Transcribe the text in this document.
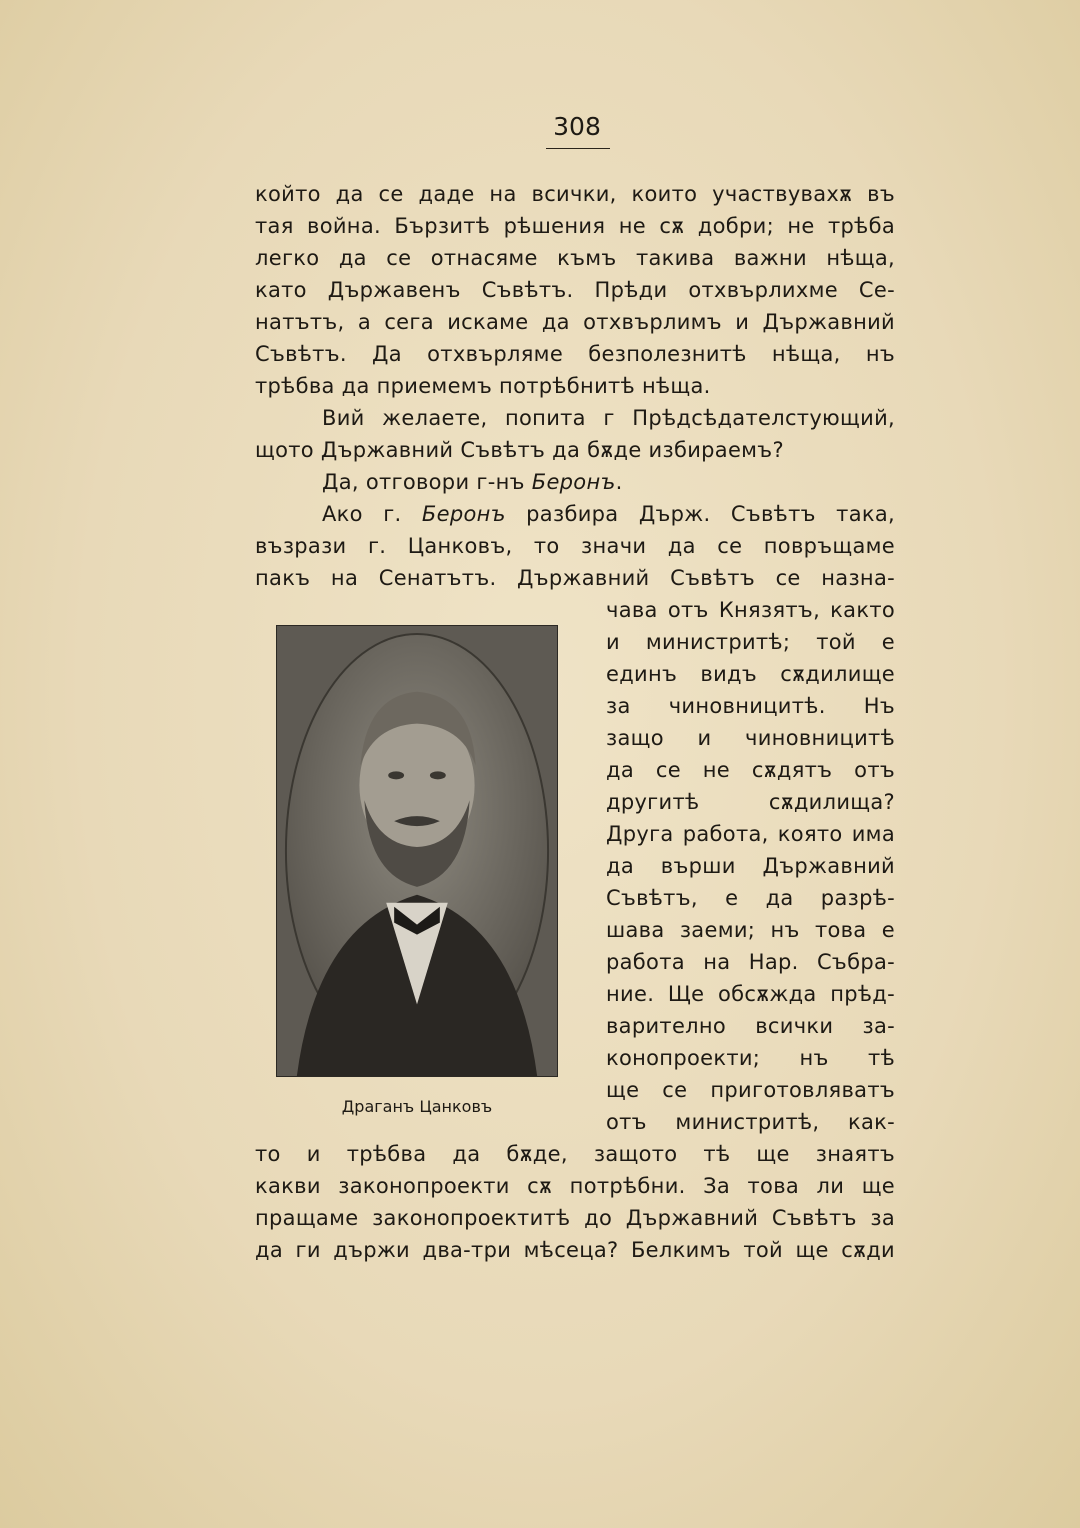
308
който да се даде на всички, които участвувахѫ въ
тая война. Бързитѣ рѣшения не сѫ добри; не трѣба
легко да се отнасяме къмъ такива важни нѣща,
като Държавенъ Съвѣтъ. Прѣди отхвърлихме Се-
натътъ, а сега искаме да отхвърлимъ и Държавний
Съвѣтъ. Да отхвърляме безполезнитѣ нѣща, нъ
трѣбва да приемемъ потрѣбнитѣ нѣща.
Вий желаете, попита г Прѣдсѣдателстующий,
щото Държавний Съвѣтъ да бѫде избираемъ?
Да, отговори г-нъ Беронъ.
Ако г. Беронъ разбира Държ. Съвѣтъ така,
възрази г. Цанковъ, то значи да се повръщаме
пакъ на Сенатътъ. Държавний Съвѣтъ се назна-
чава отъ Князятъ, както
и министритѣ; той е
единъ видъ сѫдилище
за чиновницитѣ. Нъ
защо и чиновницитѣ
да се не сѫдятъ отъ
другитѣ сѫдилища?
Друга работа, която има
да върши Държавний
Съвѣтъ, е да разрѣ-
шава заеми; нъ това е
работа на Нар. Събра-
ние. Ще обсѫжда прѣд-
варително всички за-
конопроекти; нъ тѣ
ще се приготовляватъ
отъ министритѣ, как-
то и трѣбва да бѫде, защото тѣ ще знаятъ
какви законопроекти сѫ потрѣбни. За това ли ще
пращаме законопроектитѣ до Държавний Съвѣтъ за
да ги държи два-три мѣсеца? Белкимъ той ще сѫди
Драганъ Цанковъ
